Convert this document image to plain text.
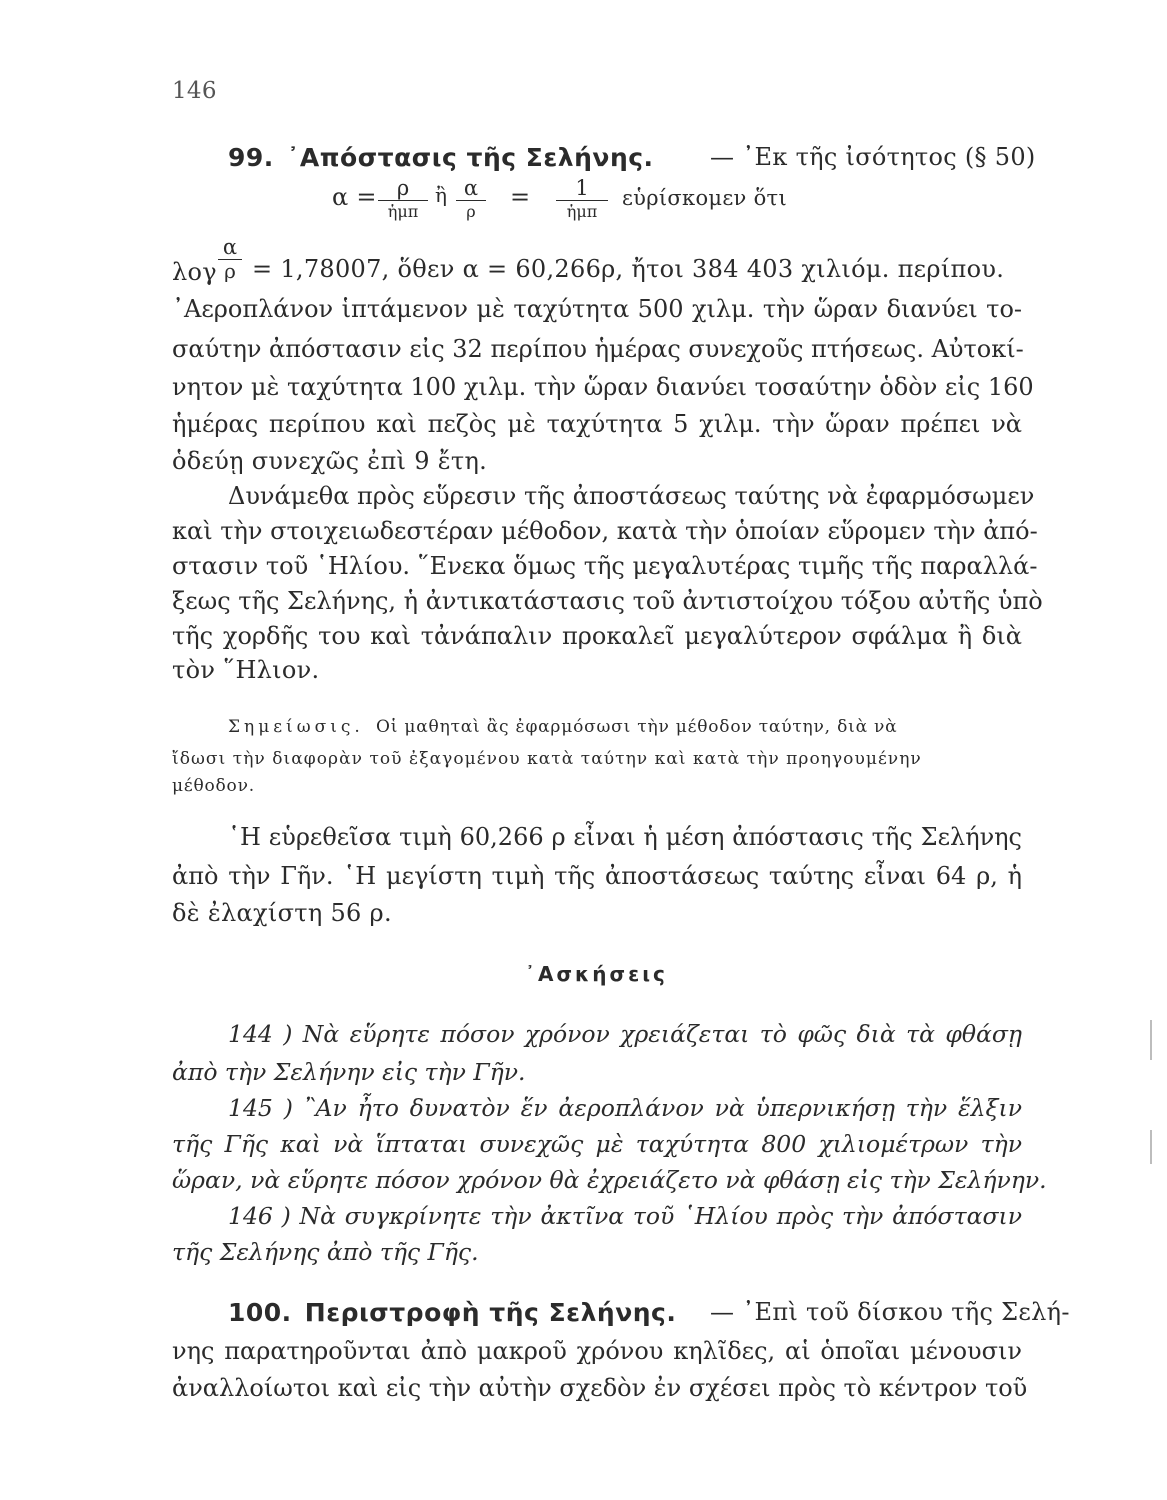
146
99. ᾿Απόστασις τῆς Σελήνης. — ᾿Εκ τῆς ἰσότητος (§ 50)
α = ρ
ἡμπ
ἢ α
ρ
=	1
ἡμπ
εὑρίσκομεν ὅτι
λογ
α
ρ = 1,78007, ὅθεν α = 60,266ρ, ἤτοι 384 403 χιλιόμ. περίπου.
᾿Αεροπλάνον ἱπτάμενον μὲ ταχύτητα 500 χιλμ. τὴν ὥραν διανύει το-
σαύτην ἀπόστασιν εἰς 32 περίπου ἡμέρας συνεχοῦς πτήσεως. Αὐτοκί-
νητον μὲ ταχύτητα 100 χιλμ. τὴν ὥραν διανύει τοσαύτην ὁδὸν εἰς 160
ἡμέρας περίπου καὶ πεζὸς μὲ ταχύτητα 5 χιλμ. τὴν ὥραν πρέπει νὰ
ὁδεύῃ συνεχῶς ἐπὶ 9 ἔτη.
Δυνάμεθα πρὸς εὕρεσιν τῆς ἀποστάσεως ταύτης νὰ ἐφαρμόσωμεν
καὶ τὴν στοιχειωδεστέραν μέθοδον, κατὰ τὴν ὁποίαν εὕρομεν τὴν ἀπό-
στασιν τοῦ ῾Ηλίου. ῞Ενεκα ὅμως τῆς μεγαλυτέρας τιμῆς τῆς παραλλά-
ξεως τῆς Σελήνης, ἡ ἀντικατάστασις τοῦ ἀντιστοίχου τόξου αὐτῆς ὑπὸ
τῆς χορδῆς του καὶ τἀνάπαλιν προκαλεῖ μεγαλύτερον σφάλμα ἢ διὰ
τὸν ῞Ηλιον.
Σημείωσις. Οἱ μαθηταὶ ἂς ἐφαρμόσωσι τὴν μέθοδον ταύτην, διὰ νὰ
ἴδωσι τὴν διαφορὰν τοῦ ἐξαγομένου κατὰ ταύτην καὶ κατὰ τὴν προηγουμένην
μέθοδον.
῾Η εὑρεθεῖσα τιμὴ 60,266 ρ εἶναι ἡ μέση ἀπόστασις τῆς Σελήνης
ἀπὸ τὴν Γῆν. ῾Η μεγίστη τιμὴ τῆς ἀποστάσεως ταύτης εἶναι 64 ρ, ἡ
δὲ ἐλαχίστη 56 ρ.
᾿Ασκήσεις
144 ) Νὰ εὕρητε πόσον χρόνον χρειάζεται τὸ φῶς διὰ τὰ φθάσῃ
ἀπὸ τὴν Σελήνην εἰς τὴν Γῆν.
145 ) ῍Αν ἦτο δυνατὸν ἕν ἀεροπλάνον νὰ ὑπερνικήσῃ τὴν ἕλξιν
τῆς Γῆς καὶ νὰ ἵπταται συνεχῶς μὲ ταχύτητα 800 χιλιομέτρων τὴν
ὥραν, νὰ εὕρητε πόσον χρόνον θὰ ἐχρειάζετο νὰ φθάσῃ εἰς τὴν Σελήνην.
146 ) Νὰ συγκρίνητε τὴν ἀκτῖνα τοῦ ῾Ηλίου πρὸς τὴν ἀπόστασιν
τῆς Σελήνης ἀπὸ τῆς Γῆς.
100. Περιστροφὴ τῆς Σελήνης. — ᾿Επὶ τοῦ δίσκου τῆς Σελή-
νης παρατηροῦνται ἀπὸ μακροῦ χρόνου κηλῖδες, αἱ ὁποῖαι μένουσιν
ἀναλλοίωτοι καὶ εἰς τὴν αὐτὴν σχεδὸν ἐν σχέσει πρὸς τὸ κέντρον τοῦ
